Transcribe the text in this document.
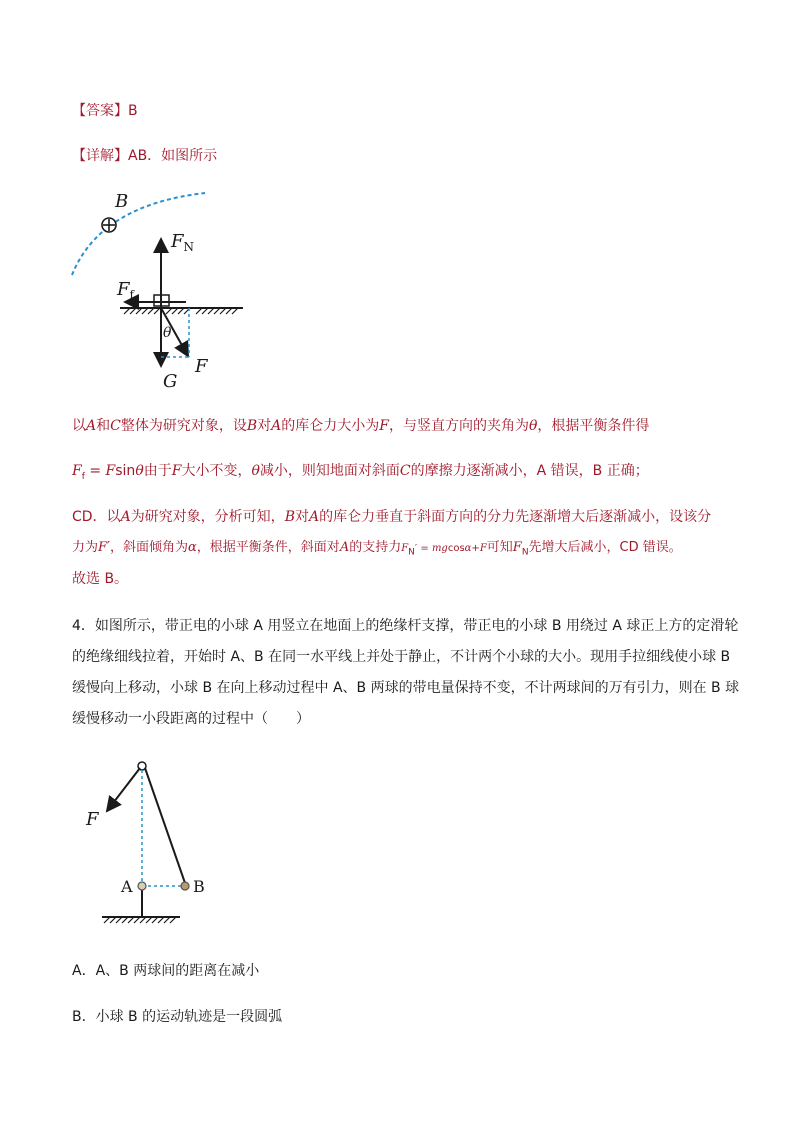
【答案】B
【详解】AB．如图所示
B
$F_N$
$F_f$
θ
G
F
以A和C整体为研究对象，设B对A的库仑力大小为F，与竖直方向的夹角为θ，根据平衡条件得
$F_f = Fsin\theta$由于F大小不变，θ减小，则知地面对斜面C的摩擦力逐渐减小，A 错误，B 正确；
CD．以A为研究对象，分析可知，B对A的库仑力垂直于斜面方向的分力先逐渐增大后逐渐减小，设该分
力为F′，斜面倾角为α，根据平衡条件，斜面对A的支持力$F_N' = mgcos\alpha+F$可知$F_N$先增大后减小，CD 错误。
故选 B。
4．如图所示，带正电的小球 A 用竖立在地面上的绝缘杆支撑，带正电的小球 B 用绕过 A 球正上方的定滑轮
的绝缘细线拉着，开始时 A、B 在同一水平线上并处于静止，不计两个小球的大小。现用手拉细线使小球 B
缓慢向上移动，小球 B 在向上移动过程中 A、B 两球的带电量保持不变，不计两球间的万有引力，则在 B 球
缓慢移动一小段距离的过程中（　　）
F
A	B
A．A、B 两球间的距离在减小
B．小球 B 的运动轨迹是一段圆弧
